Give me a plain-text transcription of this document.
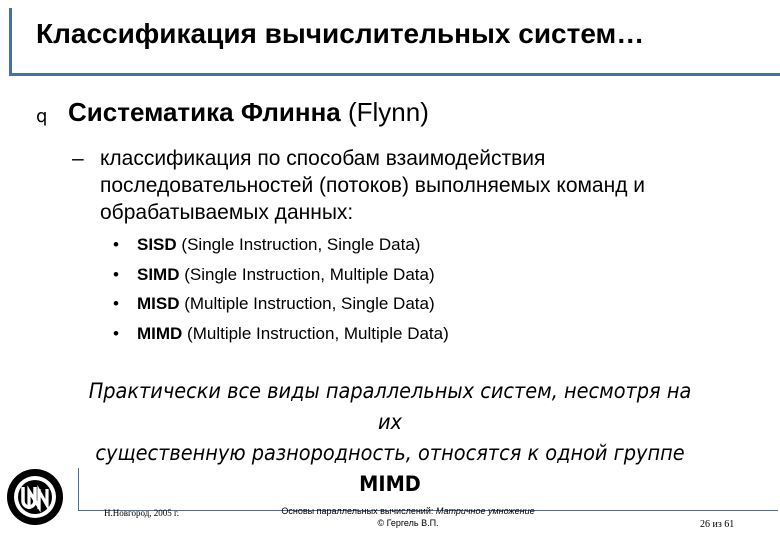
Классификация вычислительных систем…
q Систематика Флинна (Flynn)
– классификация по способам взаимодействия последовательностей (потоков) выполняемых команд и обрабатываемых данных:
• SISD (Single Instruction, Single Data)
• SIMD (Single Instruction, Multiple Data)
• MISD (Multiple Instruction, Single Data)
• MIMD (Multiple Instruction, Multiple Data)
Практически все виды параллельных систем, несмотря на их
существенную разнородность, относятся к одной группе MIMD
Н.Новгород, 2005 г.	Основы параллельных вычислений: Матричное умножение
© Гергель В.П.	26 из 61
